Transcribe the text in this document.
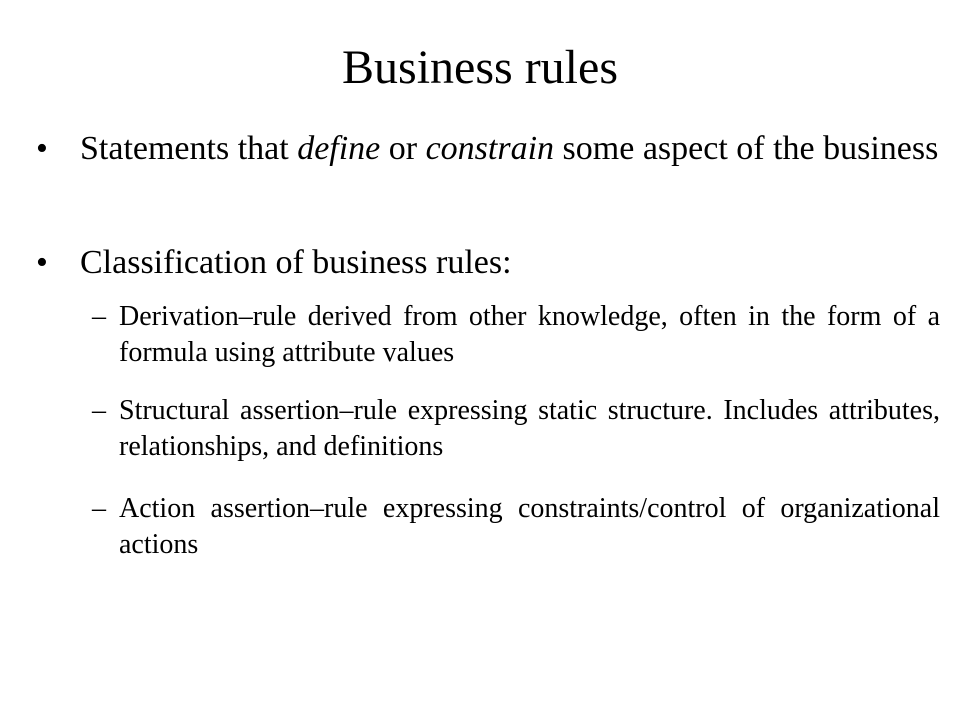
Business rules
• Statements that define or constrain some aspect of the business
• Classification of business rules:
– Derivation–rule derived from other knowledge, often in the form of a formula using attribute values
– Structural assertion–rule expressing static structure. Includes attributes, relationships, and definitions
– Action assertion–rule expressing constraints/control of organizational actions
